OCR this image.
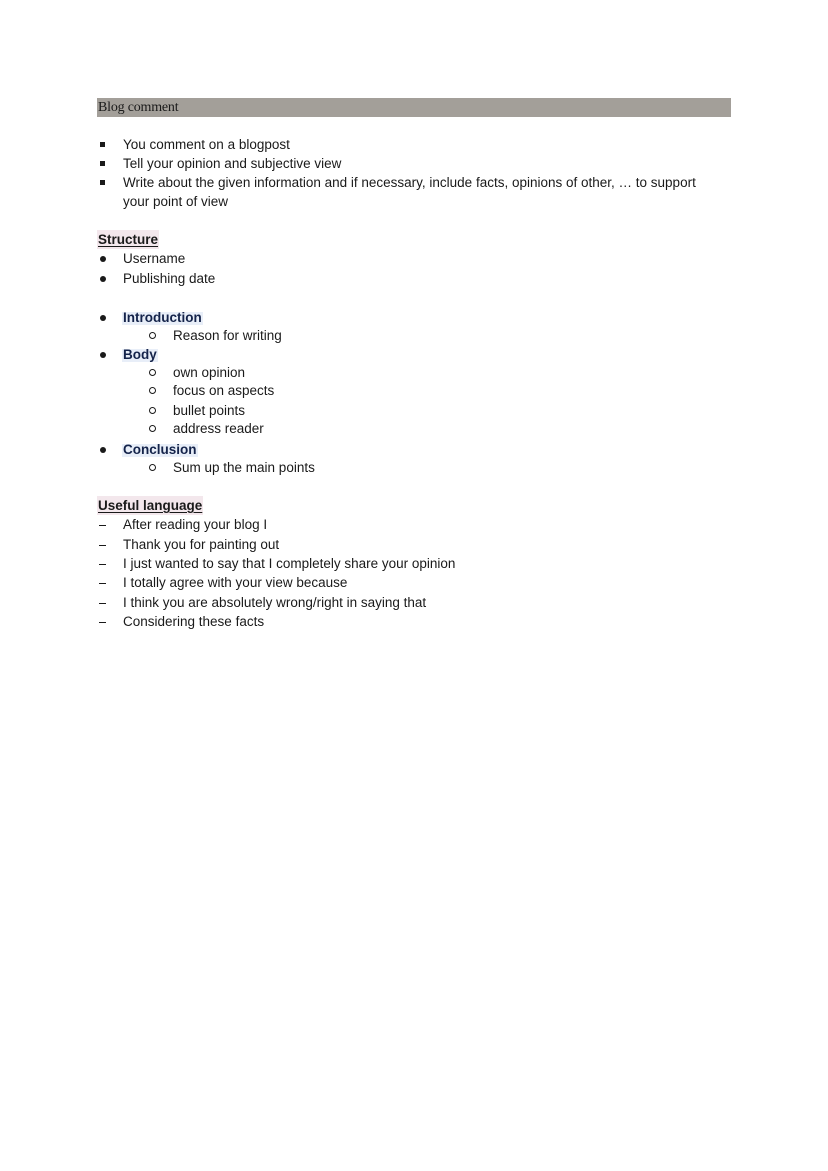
Blog comment
You comment on a blogpost
Tell your opinion and subjective view
Write about the given information and if necessary, include facts, opinions of other, … to support
your point of view
Structure
Username
Publishing date
Introduction
Reason for writing
Body
own opinion
focus on aspects
bullet points
address reader
Conclusion
Sum up the main points
Useful language
After reading your blog I
Thank you for painting out
I just wanted to say that I completely share your opinion
I totally agree with your view because
I think you are absolutely wrong/right in saying that
Considering these facts
